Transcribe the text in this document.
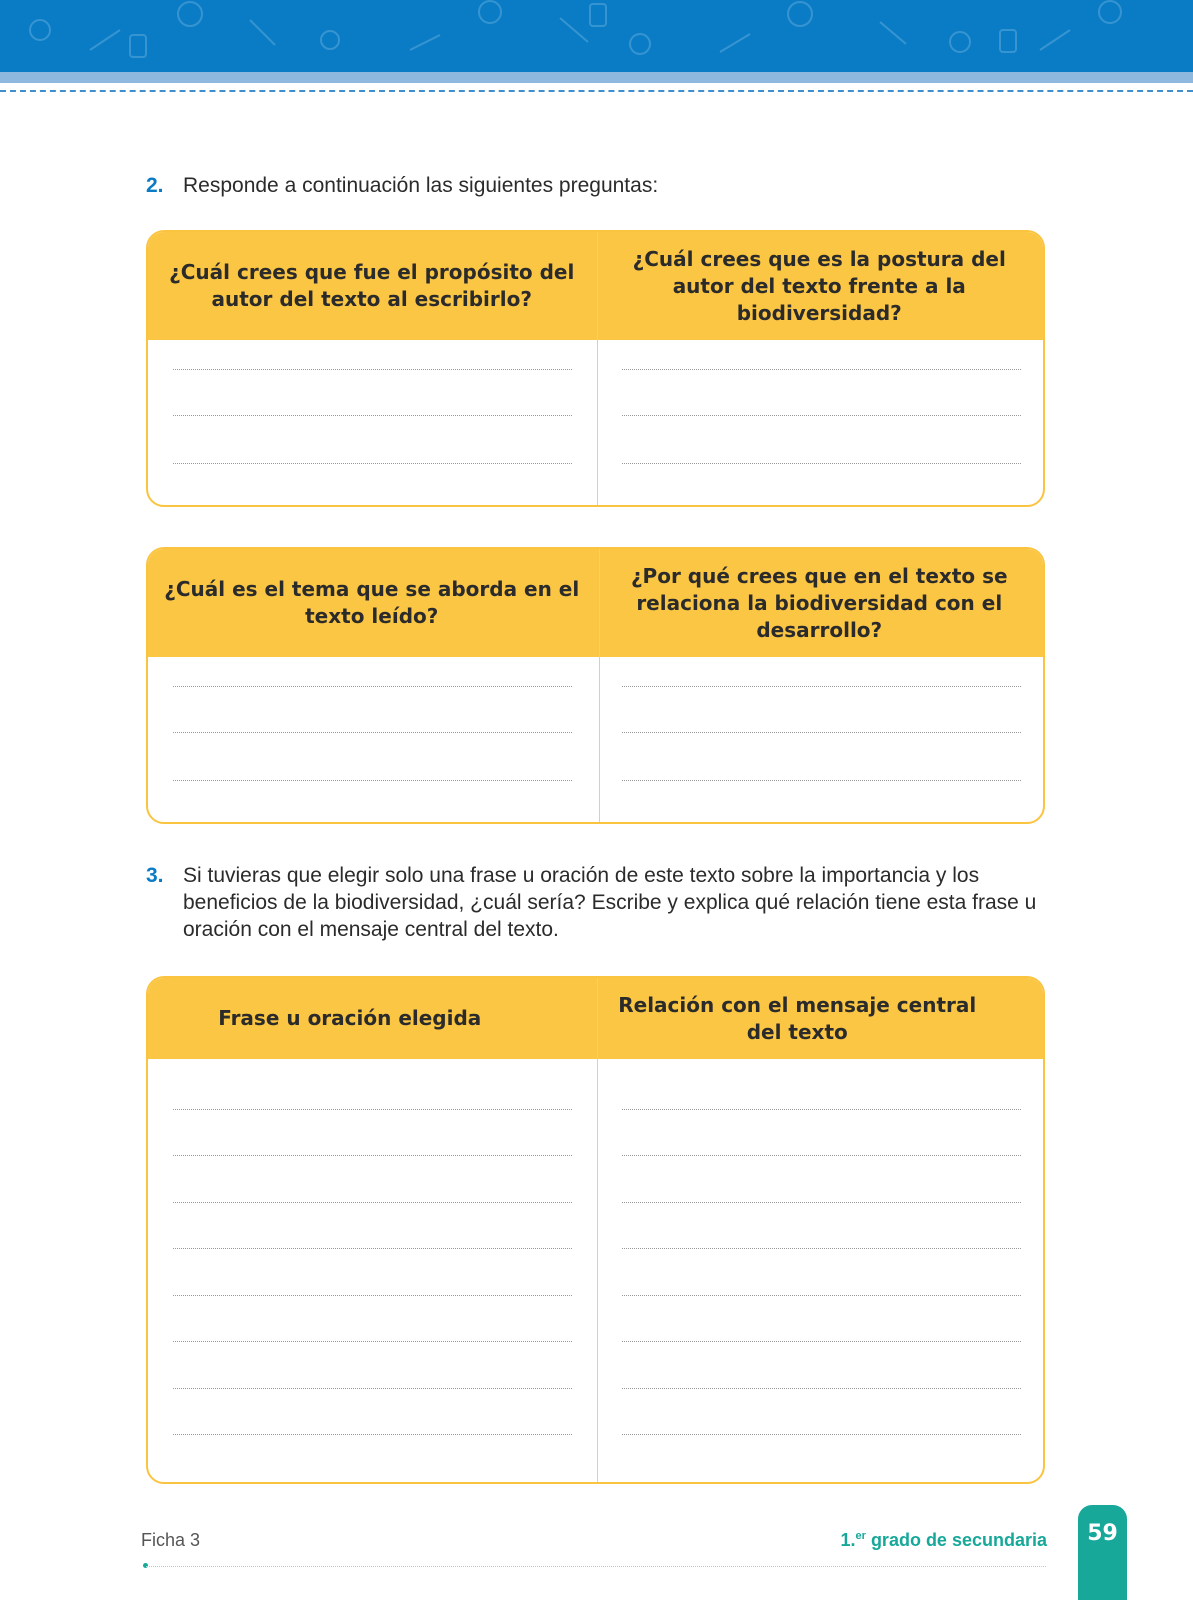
2. Responde a continuación las siguientes preguntas:
¿Cuál crees que fue el propósito del autor del texto al escribirlo?
¿Cuál crees que es la postura del autor del texto frente a la biodiversidad?
¿Cuál es el tema que se aborda en el texto leído?
¿Por qué crees que en el texto se relaciona la biodiversidad con el desarrollo?
3. Si tuvieras que elegir solo una frase u oración de este texto sobre la importancia y los beneficios de la biodiversidad, ¿cuál sería? Escribe y explica qué relación tiene esta frase u oración con el mensaje central del texto.
Frase u oración elegida
Relación con el mensaje central del texto
Ficha 3	1.$^{er}$ grado de secundaria	59
